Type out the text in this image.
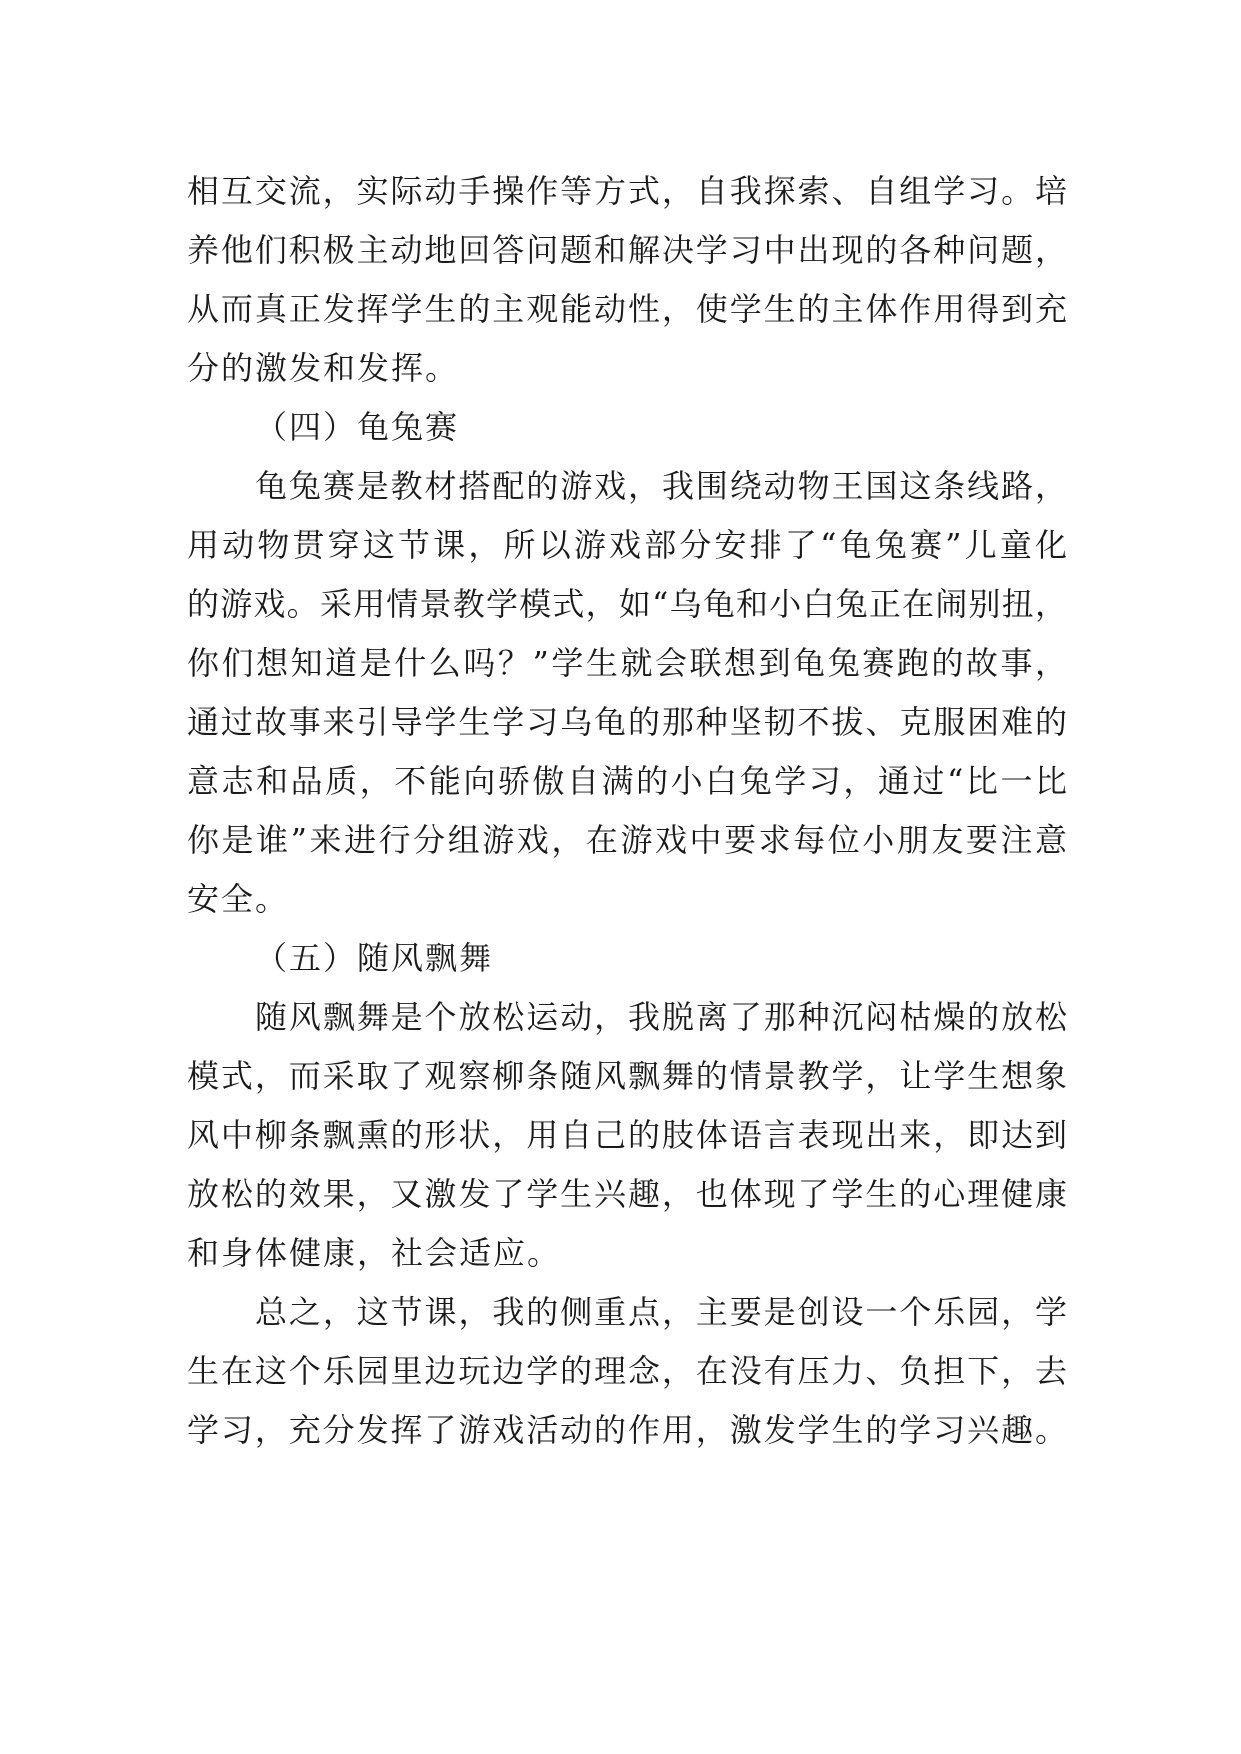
相互交流，实际动手操作等方式，自我探索、自组学习。培
养他们积极主动地回答问题和解决学习中出现的各种问题，
从而真正发挥学生的主观能动性，使学生的主体作用得到充
分的激发和发挥。
（四）龟兔赛
龟兔赛是教材搭配的游戏，我围绕动物王国这条线路，
用动物贯穿这节课，所以游戏部分安排了“龟兔赛”儿童化
的游戏。采用情景教学模式，如“乌龟和小白兔正在闹别扭，
你们想知道是什么吗？”学生就会联想到龟兔赛跑的故事，
通过故事来引导学生学习乌龟的那种坚韧不拔、克服困难的
意志和品质，不能向骄傲自满的小白兔学习，通过“比一比
你是谁”来进行分组游戏，在游戏中要求每位小朋友要注意
安全。
（五）随风飘舞
随风飘舞是个放松运动，我脱离了那种沉闷枯燥的放松
模式，而采取了观察柳条随风飘舞的情景教学，让学生想象
风中柳条飘熏的形状，用自己的肢体语言表现出来，即达到
放松的效果，又激发了学生兴趣，也体现了学生的心理健康
和身体健康，社会适应。
总之，这节课，我的侧重点，主要是创设一个乐园，学
生在这个乐园里边玩边学的理念，在没有压力、负担下，去
学习，充分发挥了游戏活动的作用，激发学生的学习兴趣。
